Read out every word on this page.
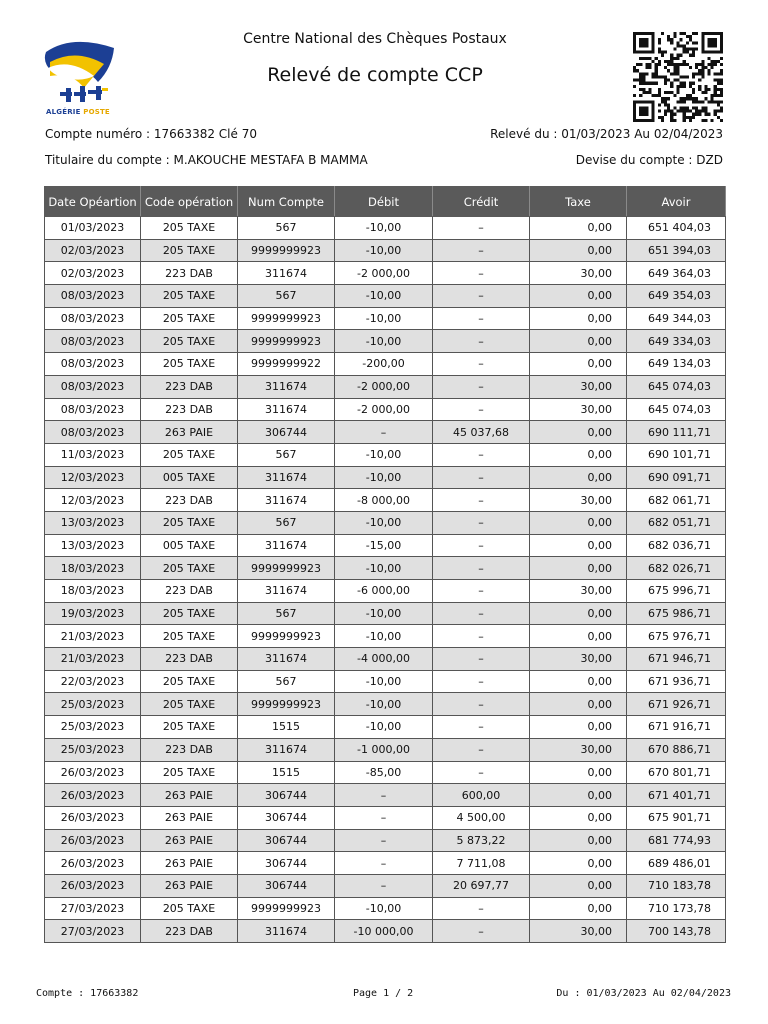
ALGÉRIE POSTE
Centre National des Chèques Postaux
Relevé de compte CCP
Compte numéro : 17663382 Clé 70	Relevé du : 01/03/2023 Au 02/04/2023
Titulaire du compte : M.AKOUCHE MESTAFA B MAMMA	Devise du compte : DZD
Date Opéartion	Code opération	Num Compte	Débit	Crédit	Taxe	Avoir
01/03/2023	205 TAXE	567	-10,00	–	0,00	651 404,03
02/03/2023	205 TAXE	9999999923	-10,00	–	0,00	651 394,03
02/03/2023	223 DAB	311674	-2 000,00	–	30,00	649 364,03
08/03/2023	205 TAXE	567	-10,00	–	0,00	649 354,03
08/03/2023	205 TAXE	9999999923	-10,00	–	0,00	649 344,03
08/03/2023	205 TAXE	9999999923	-10,00	–	0,00	649 334,03
08/03/2023	205 TAXE	9999999922	-200,00	–	0,00	649 134,03
08/03/2023	223 DAB	311674	-2 000,00	–	30,00	645 074,03
08/03/2023	223 DAB	311674	-2 000,00	–	30,00	645 074,03
08/03/2023	263 PAIE	306744	–	45 037,68	0,00	690 111,71
11/03/2023	205 TAXE	567	-10,00	–	0,00	690 101,71
12/03/2023	005 TAXE	311674	-10,00	–	0,00	690 091,71
12/03/2023	223 DAB	311674	-8 000,00	–	30,00	682 061,71
13/03/2023	205 TAXE	567	-10,00	–	0,00	682 051,71
13/03/2023	005 TAXE	311674	-15,00	–	0,00	682 036,71
18/03/2023	205 TAXE	9999999923	-10,00	–	0,00	682 026,71
18/03/2023	223 DAB	311674	-6 000,00	–	30,00	675 996,71
19/03/2023	205 TAXE	567	-10,00	–	0,00	675 986,71
21/03/2023	205 TAXE	9999999923	-10,00	–	0,00	675 976,71
21/03/2023	223 DAB	311674	-4 000,00	–	30,00	671 946,71
22/03/2023	205 TAXE	567	-10,00	–	0,00	671 936,71
25/03/2023	205 TAXE	9999999923	-10,00	–	0,00	671 926,71
25/03/2023	205 TAXE	1515	-10,00	–	0,00	671 916,71
25/03/2023	223 DAB	311674	-1 000,00	–	30,00	670 886,71
26/03/2023	205 TAXE	1515	-85,00	–	0,00	670 801,71
26/03/2023	263 PAIE	306744	–	600,00	0,00	671 401,71
26/03/2023	263 PAIE	306744	–	4 500,00	0,00	675 901,71
26/03/2023	263 PAIE	306744	–	5 873,22	0,00	681 774,93
26/03/2023	263 PAIE	306744	–	7 711,08	0,00	689 486,01
26/03/2023	263 PAIE	306744	–	20 697,77	0,00	710 183,78
27/03/2023	205 TAXE	9999999923	-10,00	–	0,00	710 173,78
27/03/2023	223 DAB	311674	-10 000,00	–	30,00	700 143,78
Compte : 17663382	Page 1 / 2	Du : 01/03/2023 Au 02/04/2023
